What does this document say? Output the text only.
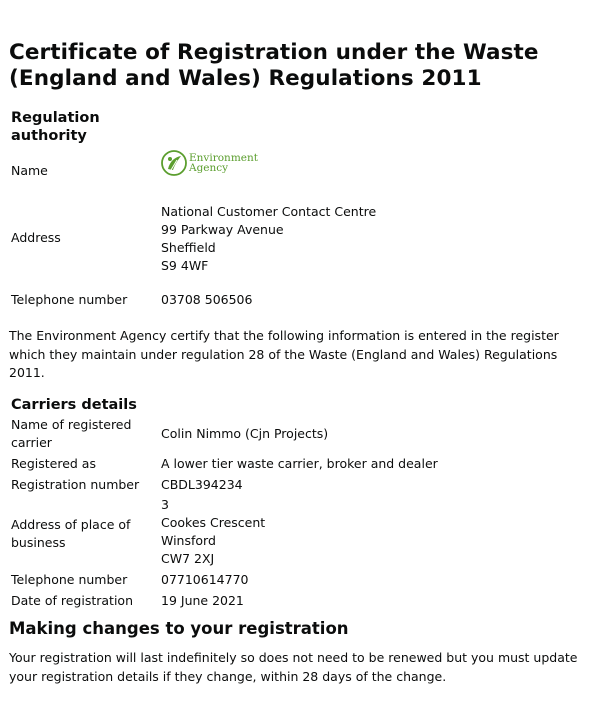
Certificate of Registration under the Waste (England and Wales) Regulations 2011
Regulation authority
Name	Environment
Agency

Address	National Customer Contact Centre
99 Parkway Avenue
Sheffield
S9 4WF

Telephone number	03708 506506

The Environment Agency certify that the following information is entered in the register which they maintain under regulation 28 of the Waste (England and Wales) Regulations 2011.

Carriers details
Name of registered carrier	Colin Nimmo (Cjn Projects)
Registered as	A lower tier waste carrier, broker and dealer
Registration number	CBDL394234
Address of place of business	3
Cookes Crescent
Winsford
CW7 2XJ

Telephone number	07710614770
Date of registration	19 June 2021
Making changes to your registration

Your registration will last indefinitely so does not need to be renewed but you must update your registration details if they change, within 28 days of the change.
